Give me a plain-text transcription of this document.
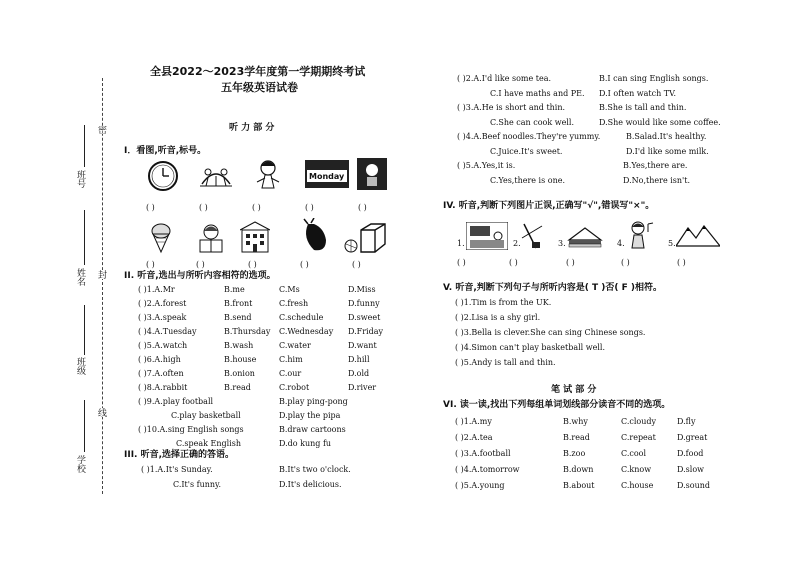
密
封
线
班号
姓名
班级
学校
全县2022～2023学年度第一学期期终考试
五年级英语试卷
听 力 部 分
I．看图,听音,标号。
Monday
( )	( )	( )	( )	( )
( )	( )	( )	( )	( )
II. 听音,选出与所听内容相符的选项。
( )1.A.Mr	B.me	C.Ms	D.Miss
( )2.A.forest	B.front	C.fresh	D.funny
( )3.A.speak	B.send	C.schedule	D.sweet
( )4.A.Tuesday	B.Thursday C.Wednesday D.Friday
( )5.A.watch	B.wash	C.water	D.want
( )6.A.high	B.house	C.him	D.hill
( )7.A.often	B.onion	C.our	D.old
( )8.A.rabbit	B.read	C.robot	D.river
( )9.A.play football	B.play ping-pong
C.play basketball	D.play the pipa
( )10.A.sing English songs	B.draw cartoons
C.speak English	D.do kung fu
III. 听音,选择正确的答语。
( )1.A.It's Sunday.	B.It's two o'clock.
C.It's funny.	D.It's delicious.
( )2.A.I'd like some tea.	B.I can sing English songs.
C.I have maths and PE. D.I often watch TV.
( )3.A.He is short and thin.	B.She is tall and thin.
C.She can cook well.	D.She would like some coffee.
( )4.A.Beef noodles.They're yummy.	B.Salad.It's healthy.
C.Juice.It's sweet.	D.I'd like some milk.
( )5.A.Yes,it is.	B.Yes,there are.
C.Yes,there is one.	D.No,there isn't.
IV. 听音,判断下列图片正误,正确写"√",错误写"×"。
1.	2.	3.	4.	5.
( )	( )	( )	( )	( )
V. 听音,判断下列句子与所听内容是( T )否( F )相符。
( )1.Tim is from the UK.
( )2.Lisa is a shy girl.
( )3.Bella is clever.She can sing Chinese songs.
( )4.Simon can't play basketball well.
( )5.Andy is tall and thin.
笔 试 部 分
VI. 读一读,找出下列每组单词划线部分读音不同的选项。
( )1.A.my	B.why	C.cloudy	D.fly
( )2.A.tea	B.read	C.repeat	D.great
( )3.A.football	B.zoo	C.cool	D.food
( )4.A.tomorrow	B.down	C.know	D.slow
( )5.A.young	B.about	C.house	D.sound
